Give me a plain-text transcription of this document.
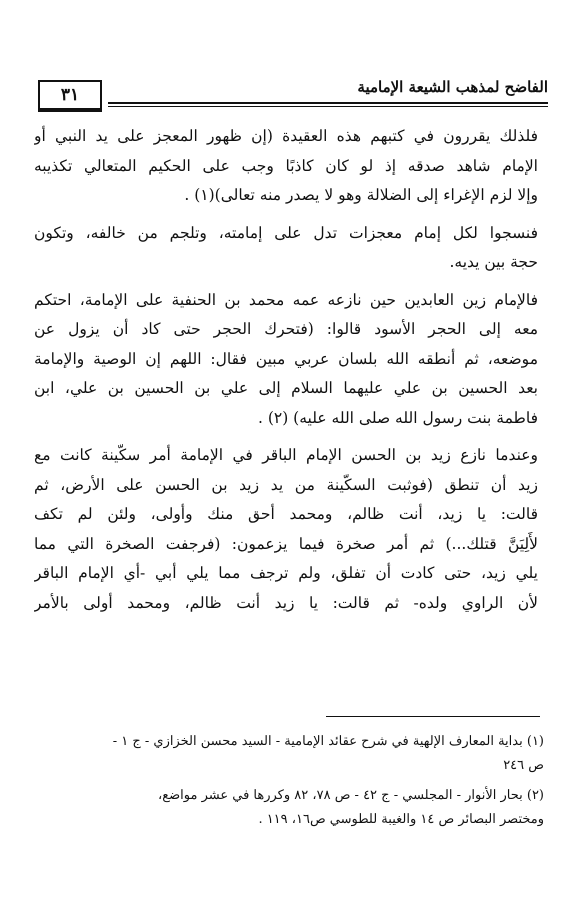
٣١	الفاضح لمذهب الشيعة الإمامية
فلذلك يقررون في كتبهم هذه العقيدة (إن ظهور المعجز على يد النبي أو
الإمام شاهد صدقه إذ لو كان كاذبًا وجب على الحكيم المتعالي تكذيبه
وإلا لزم الإغراء إلى الضلالة وهو لا يصدر منه تعالى)(١) .
فنسجوا لكل إمام معجزات تدل على إمامته، وتلجم من خالفه، وتكون
حجة بين يديه.
فالإمام زين العابدين حين نازعه عمه محمد بن الحنفية على الإمامة، احتكم
معه إلى الحجر الأسود قالوا: (فتحرك الحجر حتى كاد أن يزول عن
موضعه، ثم أنطقه الله بلسان عربي مبين فقال: اللهم إن الوصية والإمامة
بعد الحسين بن علي عليهما السلام إلى علي بن الحسين بن علي، ابن
فاطمة بنت رسول الله صلى الله عليه) (٢) .
وعندما نازع زيد بن الحسن الإمام الباقر في الإمامة أمر سكّينة كانت مع
زيد أن تنطق (فوثبت السكّينة من يد زيد بن الحسن على الأرض، ثم
قالت: يا زيد، أنت ظالم، ومحمد أحق منك وأولى، ولئن لم تكف
لأَلِيَنَّ قتلك...) ثم أمر صخرة فيما يزعمون: (فرجفت الصخرة التي مما
يلي زيد، حتى كادت أن تفلق، ولم ترجف مما يلي أبي -أي الإمام الباقر
لأن الراوي ولده- ثم قالت: يا زيد أنت ظالم، ومحمد أولى بالأمر
(١) بداية المعارف الإلهية في شرح عقائد الإمامية - السيد محسن الخزازي - ج ١ -
ص ٢٤٦
(٢) بحار الأنوار - المجلسي - ج ٤٢ - ص ٧٨، ٨٢ وكررها في عشر مواضع،
ومختصر البصائر ص ١٤ والغيبة للطوسي ص١٦، ١١٩ .
